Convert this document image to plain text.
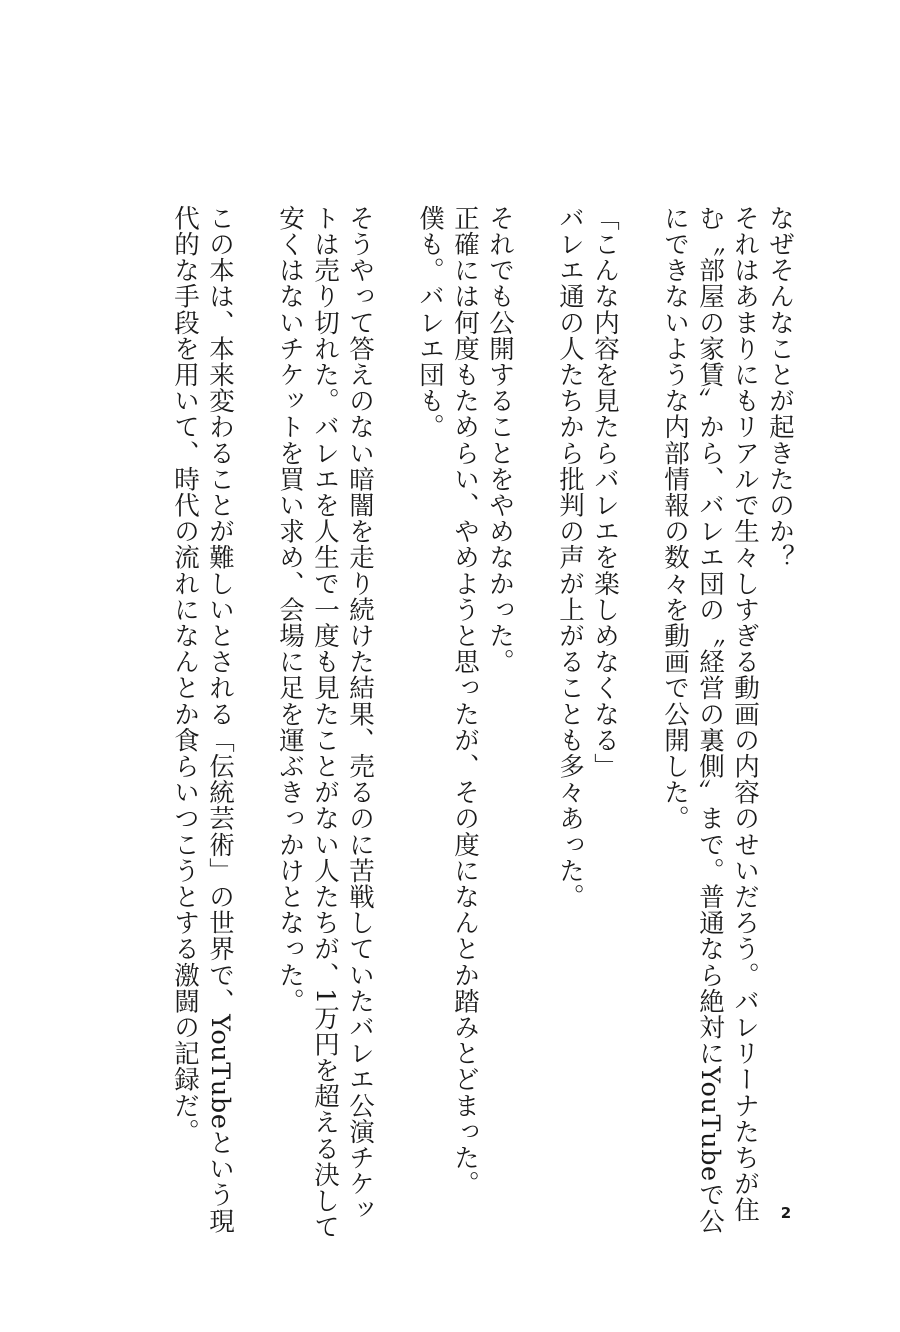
なぜそんなことが起きたのか？
それはあまりにもリアルで生々しすぎる動画の内容のせいだろう。バレリーナたちが住
む〝部屋の家賃〟から、バレエ団の〝経営の裏側〟まで。普通なら絶対にYouTubeで公
にできないような内部情報の数々を動画で公開した。
「こんな内容を見たらバレエを楽しめなくなる」
バレエ通の人たちから批判の声が上がることも多々あった。
それでも公開することをやめなかった。
正確には何度もためらい、やめようと思ったが、その度になんとか踏みとどまった。
僕も。バレエ団も。
そうやって答えのない暗闇を走り続けた結果、売るのに苦戦していたバレエ公演チケッ
トは売り切れた。バレエを人生で一度も見たことがない人たちが、1万円を超える決して
安くはないチケットを買い求め、会場に足を運ぶきっかけとなった。
この本は、本来変わることが難しいとされる「伝統芸術」の世界で、YouTubeという現
代的な手段を用いて、時代の流れになんとか食らいつこうとする激闘の記録だ。
2
